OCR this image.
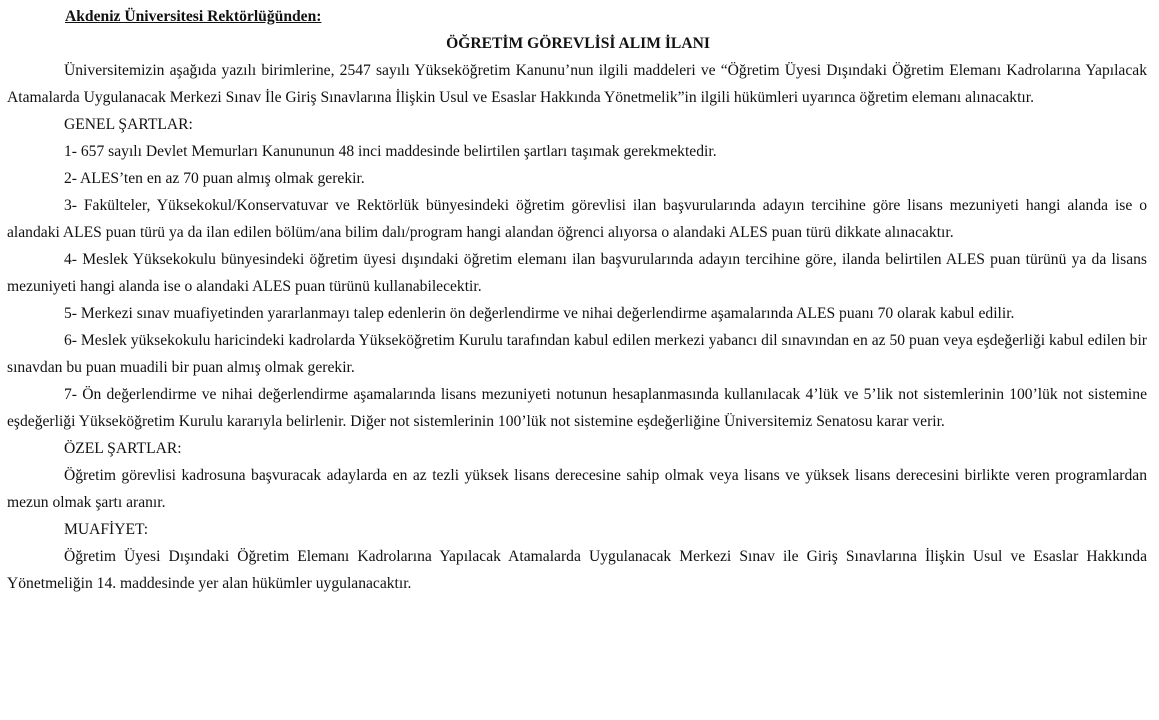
Akdeniz Üniversitesi Rektörlüğünden:

ÖĞRETİM GÖREVLİSİ ALIM İLANI

Üniversitemizin aşağıda yazılı birimlerine, 2547 sayılı Yükseköğretim Kanunu’nun ilgili maddeleri ve “Öğretim Üyesi Dışındaki Öğretim Elemanı Kadrolarına Yapılacak Atamalarda Uygulanacak Merkezi Sınav İle Giriş Sınavlarına İlişkin Usul ve Esaslar Hakkında Yönetmelik”in ilgili hükümleri uyarınca öğretim elemanı alınacaktır.

GENEL ŞARTLAR:

1- 657 sayılı Devlet Memurları Kanununun 48 inci maddesinde belirtilen şartları taşımak gerekmektedir.

2- ALES’ten en az 70 puan almış olmak gerekir.

3- Fakülteler, Yüksekokul/Konservatuvar ve Rektörlük bünyesindeki öğretim görevlisi ilan başvurularında adayın tercihine göre lisans mezuniyeti hangi alanda ise o alandaki ALES puan türü ya da ilan edilen bölüm/ana bilim dalı/program hangi alandan öğrenci alıyorsa o alandaki ALES puan türü dikkate alınacaktır.

4- Meslek Yüksekokulu bünyesindeki öğretim üyesi dışındaki öğretim elemanı ilan başvurularında adayın tercihine göre, ilanda belirtilen ALES puan türünü ya da lisans mezuniyeti hangi alanda ise o alandaki ALES puan türünü kullanabilecektir.

5- Merkezi sınav muafiyetinden yararlanmayı talep edenlerin ön değerlendirme ve nihai değerlendirme aşamalarında ALES puanı 70 olarak kabul edilir.

6- Meslek yüksekokulu haricindeki kadrolarda Yükseköğretim Kurulu tarafından kabul edilen merkezi yabancı dil sınavından en az 50 puan veya eşdeğerliği kabul edilen bir sınavdan bu puan muadili bir puan almış olmak gerekir.

7- Ön değerlendirme ve nihai değerlendirme aşamalarında lisans mezuniyeti notunun hesaplanmasında kullanılacak 4’lük ve 5’lik not sistemlerinin 100’lük not sistemine eşdeğerliği Yükseköğretim Kurulu kararıyla belirlenir. Diğer not sistemlerinin 100’lük not sistemine eşdeğerliğine Üniversitemiz Senatosu karar verir.

ÖZEL ŞARTLAR:

Öğretim görevlisi kadrosuna başvuracak adaylarda en az tezli yüksek lisans derecesine sahip olmak veya lisans ve yüksek lisans derecesini birlikte veren programlardan mezun olmak şartı aranır.

MUAFİYET:

Öğretim Üyesi Dışındaki Öğretim Elemanı Kadrolarına Yapılacak Atamalarda Uygulanacak Merkezi Sınav ile Giriş Sınavlarına İlişkin Usul ve Esaslar Hakkında Yönetmeliğin 14. maddesinde yer alan hükümler uygulanacaktır.
